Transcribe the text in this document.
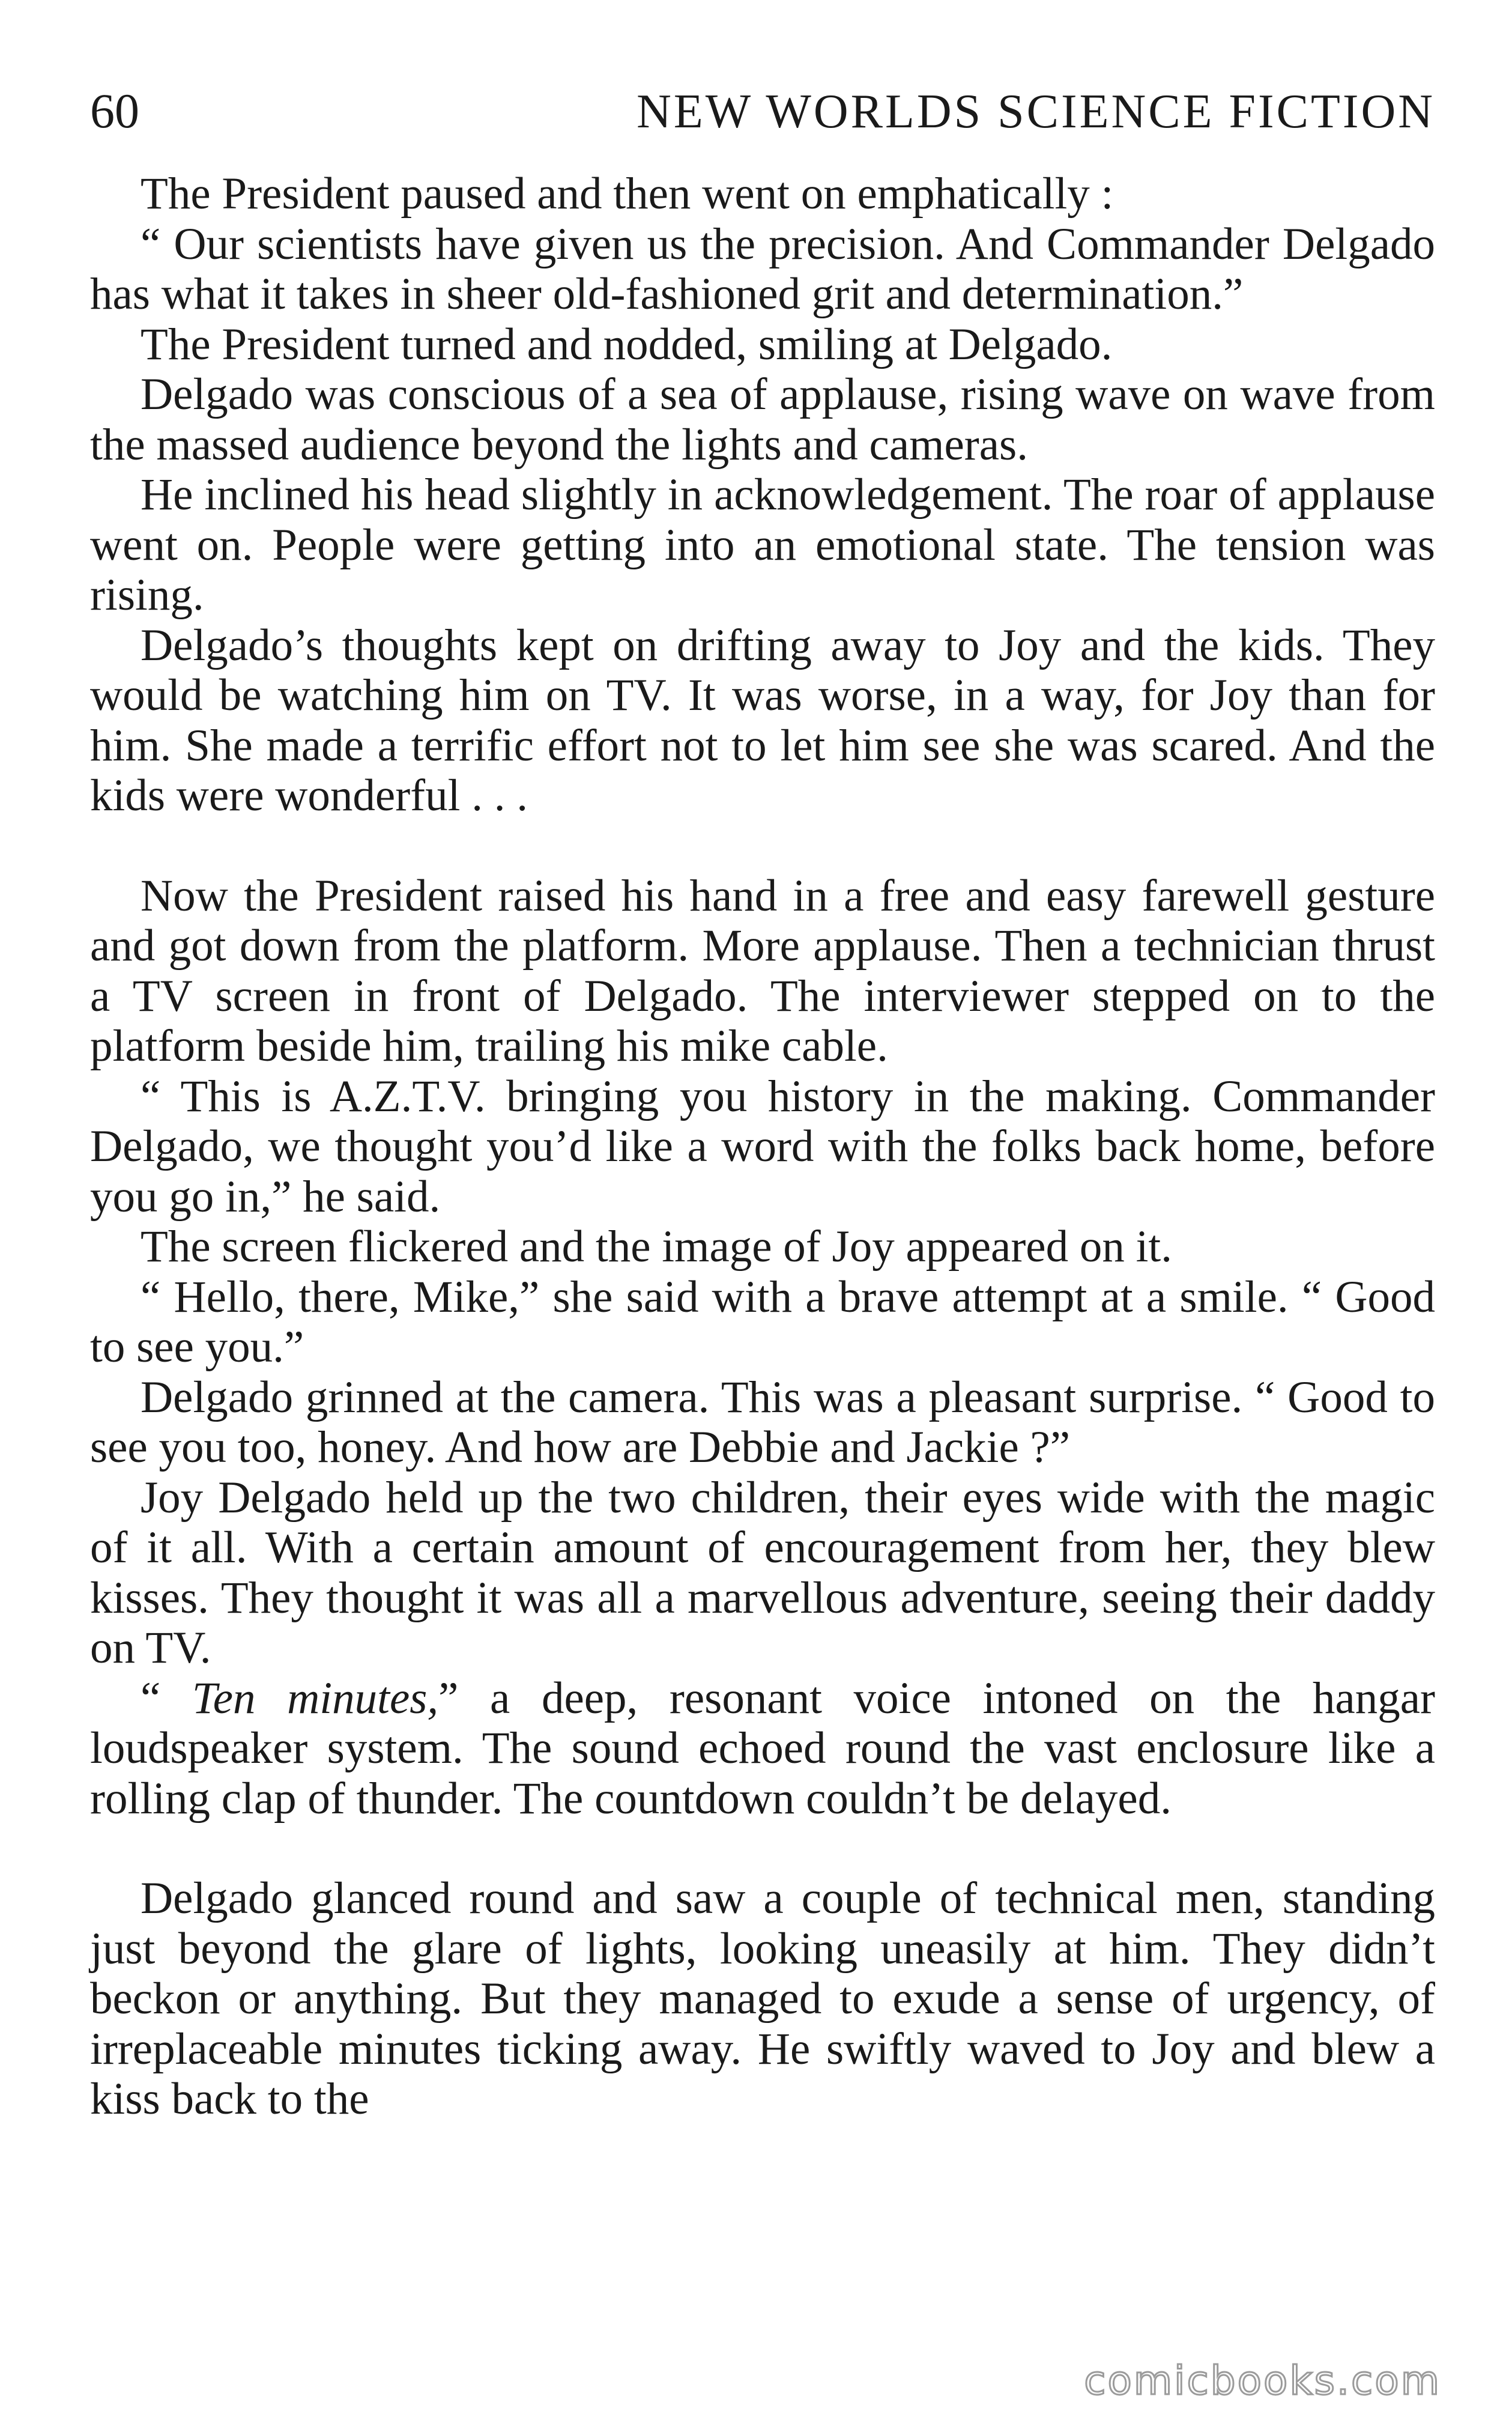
60	NEW WORLDS SCIENCE FICTION

The President paused and then went on emphatically :

“ Our scientists have given us the precision. And Commander Delgado has what it takes in sheer old-fashioned grit and determination.”

The President turned and nodded, smiling at Delgado.

Delgado was conscious of a sea of applause, rising wave on wave from the massed audience beyond the lights and cameras.

He inclined his head slightly in acknowledgement. The roar of applause went on. People were getting into an emotional state. The tension was rising.

Delgado’s thoughts kept on drifting away to Joy and the kids. They would be watching him on TV. It was worse, in a way, for Joy than for him. She made a terrific effort not to let him see she was scared. And the kids were wonderful . . .

Now the President raised his hand in a free and easy farewell gesture and got down from the platform. More applause. Then a technician thrust a TV screen in front of Delgado. The interviewer stepped on to the platform beside him, trailing his mike cable.

“ This is A.Z.T.V. bringing you history in the making. Commander Delgado, we thought you’d like a word with the folks back home, before you go in,” he said.

The screen flickered and the image of Joy appeared on it.

“ Hello, there, Mike,” she said with a brave attempt at a smile. “ Good to see you.”

Delgado grinned at the camera. This was a pleasant surprise. “ Good to see you too, honey. And how are Debbie and Jackie ?”

Joy Delgado held up the two children, their eyes wide with the magic of it all. With a certain amount of encouragement from her, they blew kisses. They thought it was all a marvellous adventure, seeing their daddy on TV.

“ Ten minutes,” a deep, resonant voice intoned on the hangar loudspeaker system. The sound echoed round the vast enclosure like a rolling clap of thunder. The countdown couldn’t be delayed.

Delgado glanced round and saw a couple of technical men, standing just beyond the glare of lights, looking uneasily at him. They didn’t beckon or anything. But they managed to exude a sense of urgency, of irreplaceable minutes ticking away. He swiftly waved to Joy and blew a kiss back to the

comicbooks.com
